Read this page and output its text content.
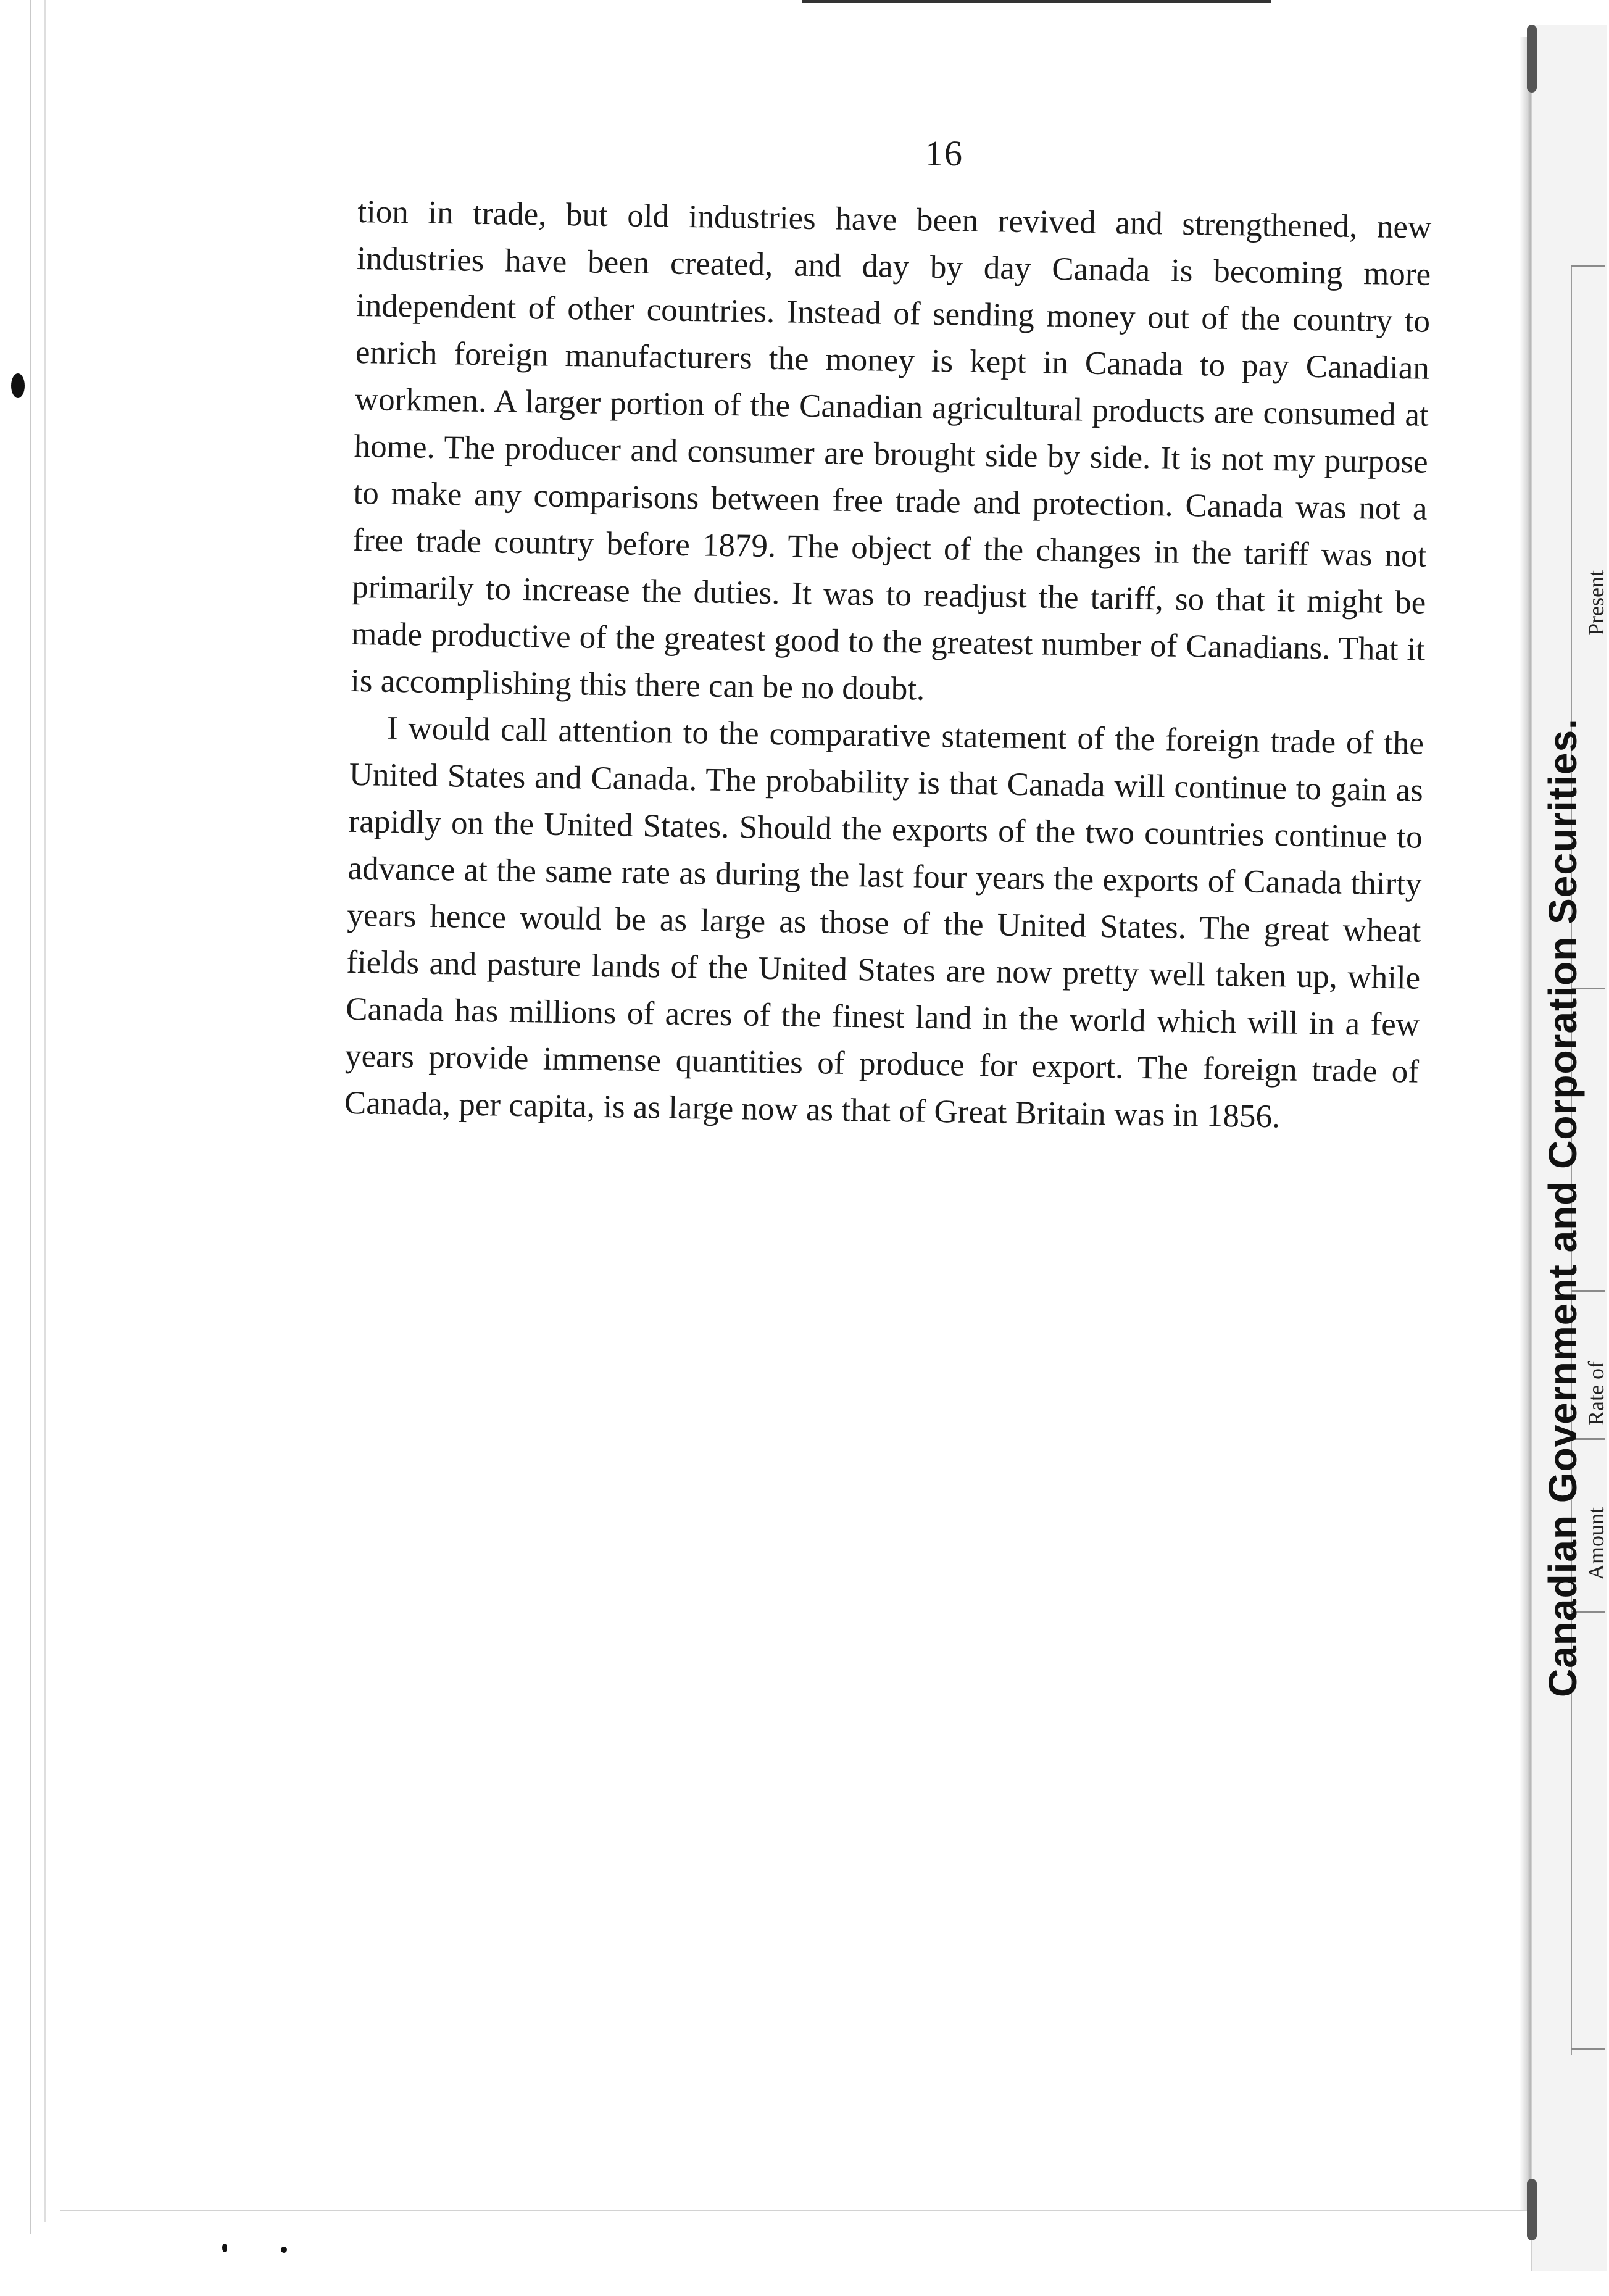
16

tion in trade, but old industries have been revived and strengthened, new industries have been created, and day by day Canada is becoming more independent of other countries. Instead of sending money out of the country to enrich foreign manufacturers the money is kept in Canada to pay Canadian workmen. A larger portion of the Canadian agricultural products are consumed at home. The producer and consumer are brought side by side. It is not my purpose to make any comparisons between free trade and protection. Canada was not a free trade country before 1879. The object of the changes in the tariff was not primarily to increase the duties. It was to readjust the tariff, so that it might be made productive of the greatest good to the greatest number of Canadians. That it is accomplishing this there can be no doubt.

I would call attention to the comparative statement of the foreign trade of the United States and Canada. The probability is that Canada will continue to gain as rapidly on the United States. Should the exports of the two countries continue to advance at the same rate as during the last four years the exports of Canada thirty years hence would be as large as those of the United States. The great wheat fields and pasture lands of the United States are now pretty well taken up, while Canada has millions of acres of the finest land in the world which will in a few years provide immense quantities of produce for export. The foreign trade of Canada, per capita, is as large now as that of Great Britain was in 1856.

Present
Rate of
Amount
Canadian Government and Corporation Securities.
